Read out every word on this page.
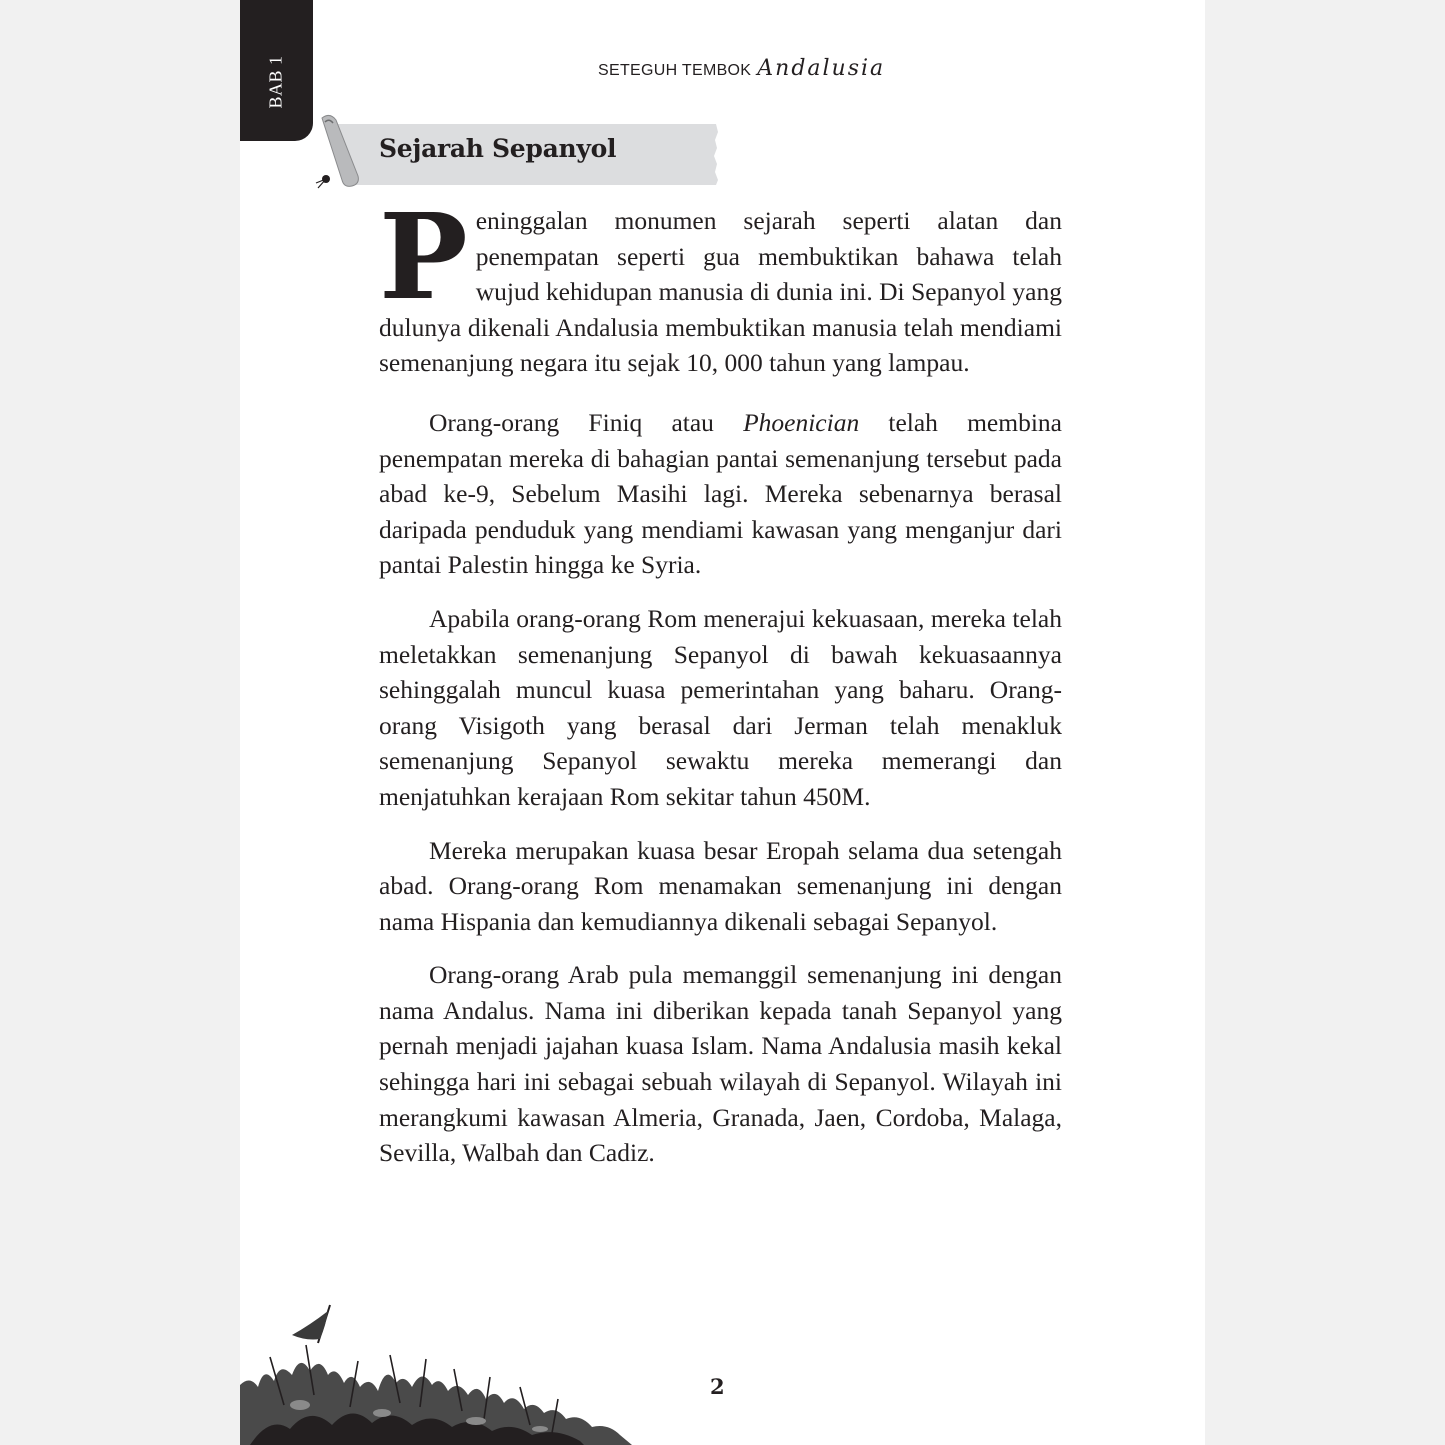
BAB 1	SETEGUH TEMBOK Andalusia
Sejarah Sepanyol

Peninggalan monumen sejarah seperti alatan dan penempatan seperti gua membuktikan bahawa telah wujud kehidupan manusia di dunia ini. Di Sepanyol yang dulunya dikenali Andalusia membuktikan manusia telah mendiami semenanjung negara itu sejak 10, 000 tahun yang lampau.

Orang-orang Finiq atau Phoenician telah membina penempatan mereka di bahagian pantai semenanjung tersebut pada abad ke-9, Sebelum Masihi lagi. Mereka sebenarnya berasal daripada penduduk yang mendiami kawasan yang menganjur dari pantai Palestin hingga ke Syria.

Apabila orang-orang Rom menerajui kekuasaan, mereka telah meletakkan semenanjung Sepanyol di bawah kekuasaannya sehinggalah muncul kuasa pemerintahan yang baharu. Orang-orang Visigoth yang berasal dari Jerman telah menakluk semenanjung Sepanyol sewaktu mereka memerangi dan menjatuhkan kerajaan Rom sekitar tahun 450M.

Mereka merupakan kuasa besar Eropah selama dua setengah abad. Orang-orang Rom menamakan semenanjung ini dengan nama Hispania dan kemudiannya dikenali sebagai Sepanyol.

Orang-orang Arab pula memanggil semenanjung ini dengan nama Andalus. Nama ini diberikan kepada tanah Sepanyol yang pernah menjadi jajahan kuasa Islam. Nama Andalusia masih kekal sehingga hari ini sebagai sebuah wilayah di Sepanyol. Wilayah ini merangkumi kawasan Almeria, Granada, Jaen, Cordoba, Malaga, Sevilla, Walbah dan Cadiz.

2
